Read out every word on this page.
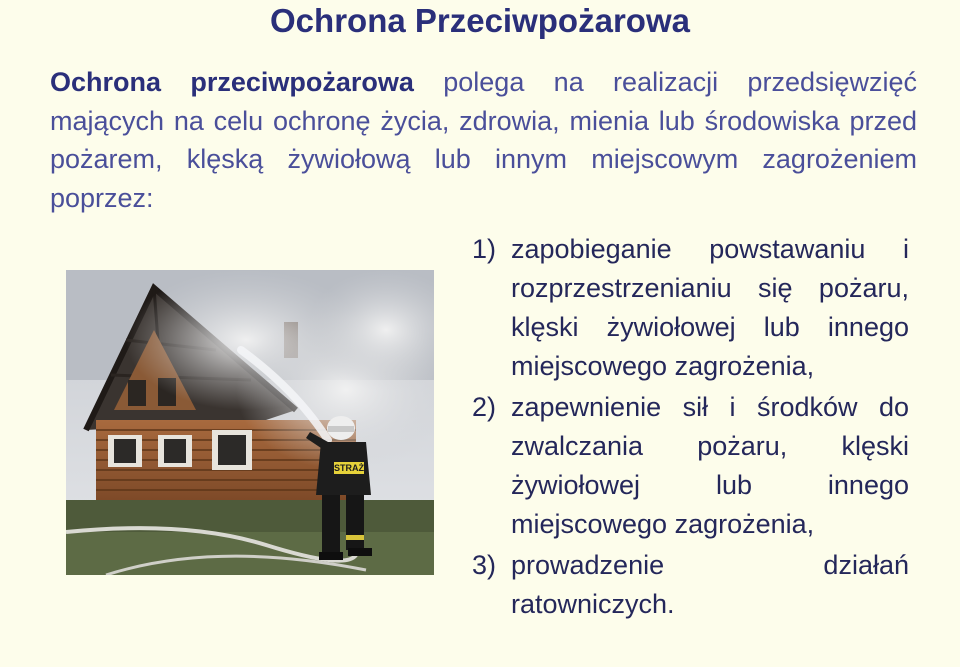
Ochrona Przeciwpożarowa

Ochrona przeciwpożarowa polega na realizacji przedsięwzięć mających na celu ochronę życia, zdrowia, mienia lub środowiska przed pożarem, klęską żywiołową lub innym miejscowym zagrożeniem poprzez:

STRAŻ
1) zapobieganie powstawaniu i rozprzestrzenianiu się pożaru, klęski żywiołowej lub innego miejscowego zagrożenia,
2) zapewnienie sił i środków do zwalczania pożaru, klęski żywiołowej lub innego miejscowego zagrożenia,
3) prowadzenie działań ratowniczych.
